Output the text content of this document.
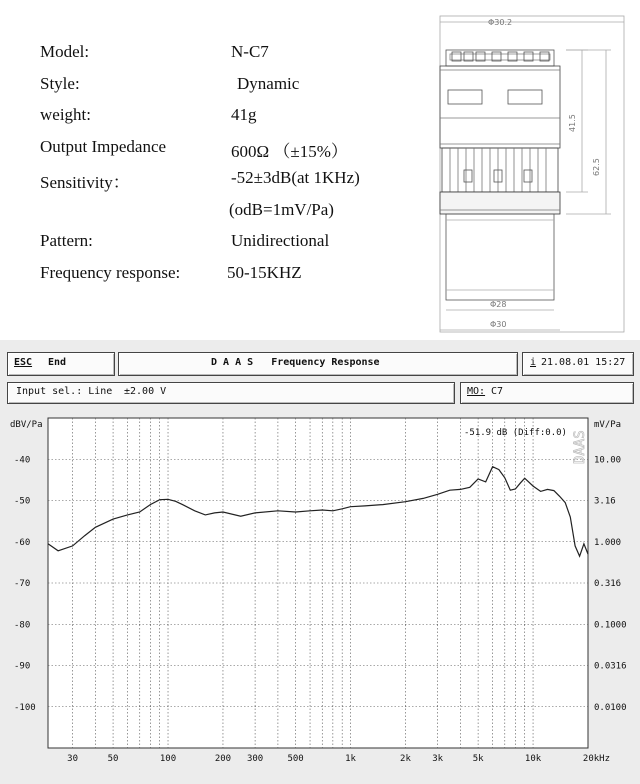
Model:	N-C7
Style:	Dynamic
weight:	41g
Output Impedance	600Ω （±15%）
Sensitivity：	-52±3dB(at 1KHz)
(odB=1mV/Pa)
Pattern:	Unidirectional
Frequency response:	50-15KHZ
Φ30.2
41.5
62.5
Φ28
Φ30
ESC End	D A A S   Frequency Response	i 21.08.01 15:27
Input sel.: Line ±2.00 V	MO: C7
-40
-50
-60
-70
-80
-90
-100
10.00
3.16
1.000
0.316
0.1000
0.0316
0.0100
30	50	100	200 300	500	1k	2k 3k	5k	10k	20kHz
dBV/Pa	mV/Pa
-51.9 dB (Diff:0.0) DAAS
